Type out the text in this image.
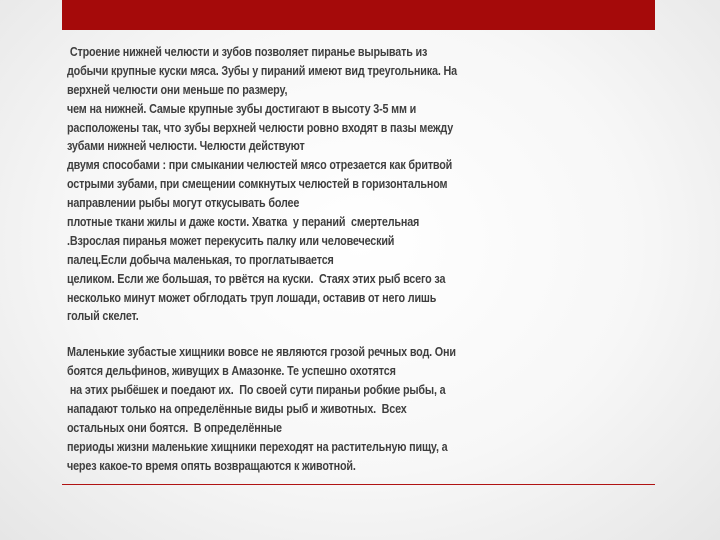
Строение нижней челюсти и зубов позволяет пиранье вырывать из
добычи крупные куски мяса. Зубы у пираний имеют вид треугольника. На
верхней челюсти они меньше по размеру,
чем на нижней. Самые крупные зубы достигают в высоту 3-5 мм и
расположены так, что зубы верхней челюсти ровно входят в пазы между
зубами нижней челюсти. Челюсти действуют
двумя способами : при смыкании челюстей мясо отрезается как бритвой
острыми зубами, при смещении сомкнутых челюстей в горизонтальном
направлении рыбы могут откусывать более
плотные ткани жилы и даже кости. Хватка  у пераний  смертельная
.Взрослая пиранья может перекусить палку или человеческий
палец.Если добыча маленькая, то проглатывается
целиком. Если же большая, то рвётся на куски.  Стаях этих рыб всего за
несколько минут может обглодать труп лошади, оставив от него лишь
голый скелет.
Маленькие зубастые хищники вовсе не являются грозой речных вод. Они
боятся дельфинов, живущих в Амазонке. Те успешно охотятся
на этих рыбёшек и поедают их.  По своей сути пираньи робкие рыбы, а
нападают только на определённые виды рыб и животных.  Всех
остальных они боятся.  В определённые
периоды жизни маленькие хищники переходят на растительную пищу, а
через какое-то время опять возвращаются к животной.
